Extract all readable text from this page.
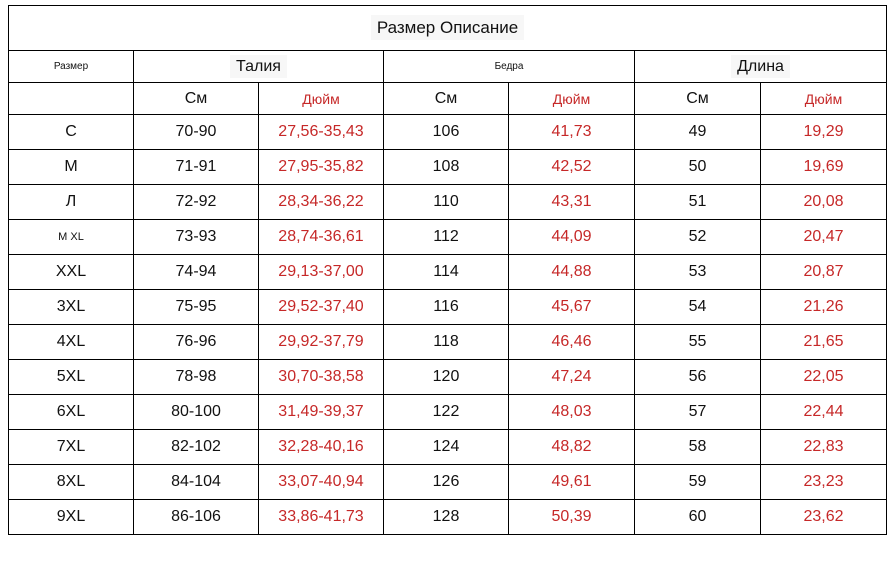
Размер Описание						
Размер	Талия		Бедра		Длина	
	См	Дюйм	См	Дюйм	См	Дюйм
C	70-90	27,56-35,43	106	41,73	49	19,29
M	71-91	27,95-35,82	108	42,52	50	19,69
Л	72-92	28,34-36,22	110	43,31	51	20,08
M XL	73-93	28,74-36,61	112	44,09	52	20,47
XXL	74-94	29,13-37,00	114	44,88	53	20,87
3XL	75-95	29,52-37,40	116	45,67	54	21,26
4XL	76-96	29,92-37,79	118	46,46	55	21,65
5XL	78-98	30,70-38,58	120	47,24	56	22,05
6XL	80-100	31,49-39,37	122	48,03	57	22,44
7XL	82-102	32,28-40,16	124	48,82	58	22,83
8XL	84-104	33,07-40,94	126	49,61	59	23,23
9XL	86-106	33,86-41,73	128	50,39	60	23,62
